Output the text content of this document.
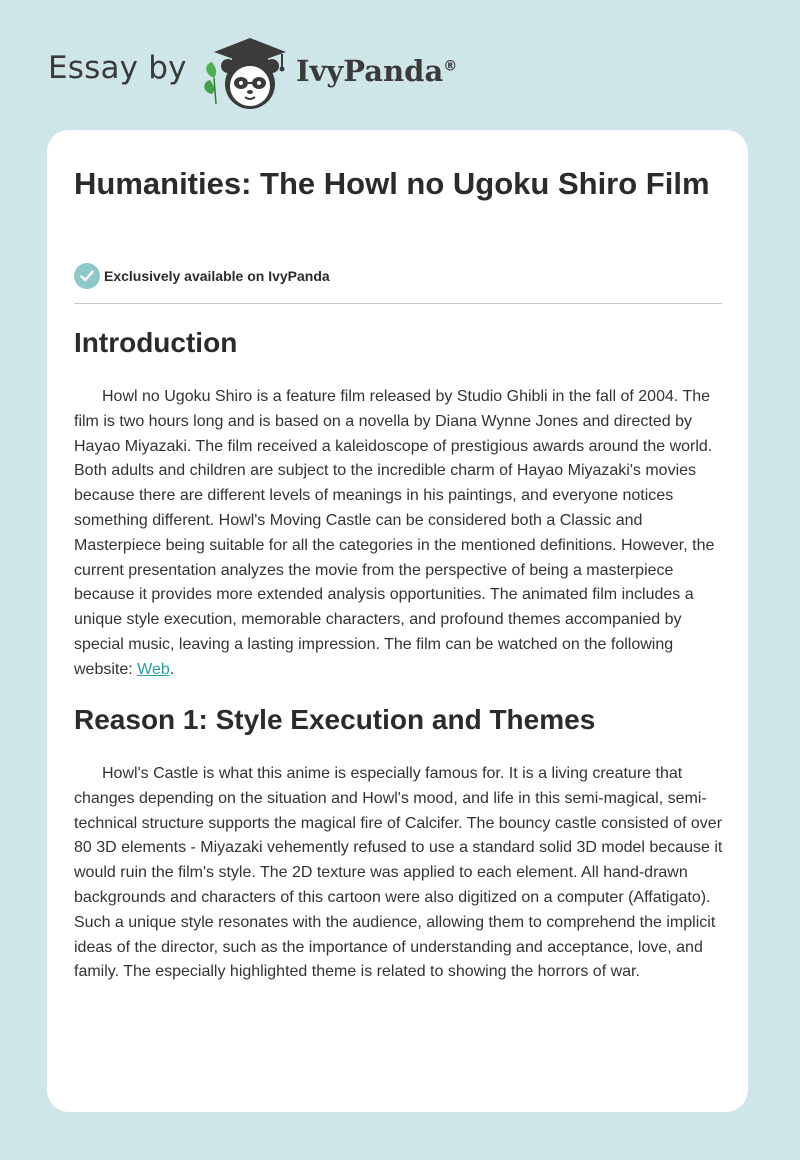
Essay by	IvyPanda®
Humanities: The Howl no Ugoku Shiro Film
Exclusively available on IvyPanda
Introduction

Howl no Ugoku Shiro is a feature film released by Studio Ghibli in the fall of 2004. The film is two hours long and is based on a novella by Diana Wynne Jones and directed by Hayao Miyazaki. The film received a kaleidoscope of prestigious awards around the world. Both adults and children are subject to the incredible charm of Hayao Miyazaki's movies because there are different levels of meanings in his paintings, and everyone notices something different. Howl's Moving Castle can be considered both a Classic and Masterpiece being suitable for all the categories in the mentioned definitions. However, the current presentation analyzes the movie from the perspective of being a masterpiece because it provides more extended analysis opportunities. The animated film includes a unique style execution, memorable characters, and profound themes accompanied by special music, leaving a lasting impression. The film can be watched on the following website: Web.

Reason 1: Style Execution and Themes

Howl's Castle is what this anime is especially famous for. It is a living creature that changes depending on the situation and Howl's mood, and life in this semi-magical, semi-technical structure supports the magical fire of Calcifer. The bouncy castle consisted of over 80 3D elements - Miyazaki vehemently refused to use a standard solid 3D model because it would ruin the film's style. The 2D texture was applied to each element. All hand-drawn backgrounds and characters of this cartoon were also digitized on a computer (Affatigato). Such a unique style resonates with the audience, allowing them to comprehend the implicit ideas of the director, such as the importance of understanding and acceptance, love, and family. The especially highlighted theme is related to showing the horrors of war.
